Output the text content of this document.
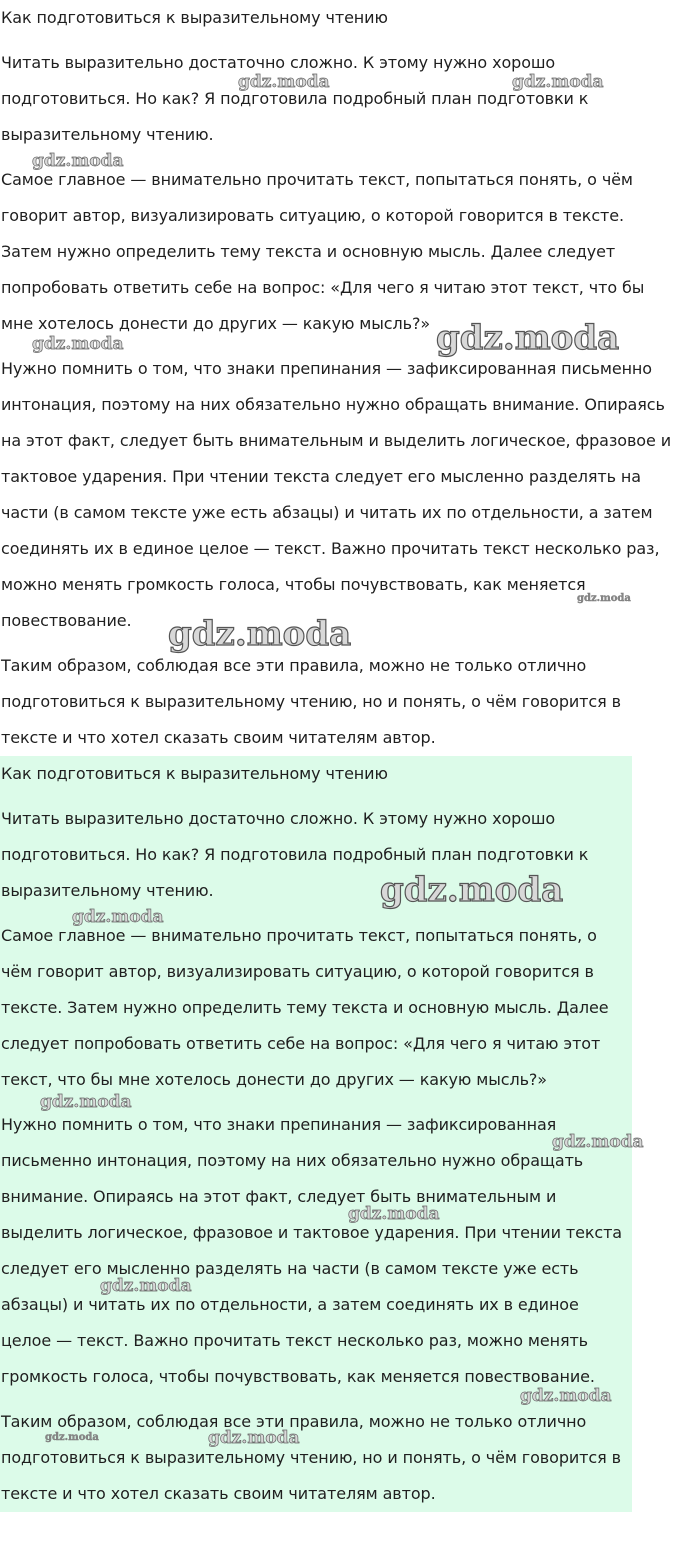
Как подготовиться к выразительному чтению

Читать выразительно достаточно сложно. К этому нужно хорошо

подготовиться. Но как? Я подготовила подробный план подготовки к

выразительному чтению.

Самое главное — внимательно прочитать текст, попытаться понять, о чём

говорит автор, визуализировать ситуацию, о которой говорится в тексте.

Затем нужно определить тему текста и основную мысль. Далее следует

попробовать ответить себе на вопрос: «Для чего я читаю этот текст, что бы

мне хотелось донести до других — какую мысль?»

Нужно помнить о том, что знаки препинания — зафиксированная письменно

интонация, поэтому на них обязательно нужно обращать внимание. Опираясь

на этот факт, следует быть внимательным и выделить логическое, фразовое и

тактовое ударения. При чтении текста следует его мысленно разделять на

части (в самом тексте уже есть абзацы) и читать их по отдельности, а затем

соединять их в единое целое — текст. Важно прочитать текст несколько раз,

можно менять громкость голоса, чтобы почувствовать, как меняется

повествование.

Таким образом, соблюдая все эти правила, можно не только отлично

подготовиться к выразительному чтению, но и понять, о чём говорится в

тексте и что хотел сказать своим читателям автор.

gdz.moda	gdz.moda
gdz.moda
gdz.moda	gdz.moda
gdz.moda
gdz.moda

Как подготовиться к выразительному чтению

Читать выразительно достаточно сложно. К этому нужно хорошо

подготовиться. Но как? Я подготовила подробный план подготовки к

выразительному чтению.

Самое главное — внимательно прочитать текст, попытаться понять, о

чём говорит автор, визуализировать ситуацию, о которой говорится в

тексте. Затем нужно определить тему текста и основную мысль. Далее

следует попробовать ответить себе на вопрос: «Для чего я читаю этот

текст, что бы мне хотелось донести до других — какую мысль?»

Нужно помнить о том, что знаки препинания — зафиксированная

письменно интонация, поэтому на них обязательно нужно обращать

внимание. Опираясь на этот факт, следует быть внимательным и

выделить логическое, фразовое и тактовое ударения. При чтении текста

следует его мысленно разделять на части (в самом тексте уже есть

абзацы) и читать их по отдельности, а затем соединять их в единое

целое — текст. Важно прочитать текст несколько раз, можно менять

громкость голоса, чтобы почувствовать, как меняется повествование.

Таким образом, соблюдая все эти правила, можно не только отлично

подготовиться к выразительному чтению, но и понять, о чём говорится в

тексте и что хотел сказать своим читателям автор.

gdz.moda
gdz.moda
gdz.moda
gdz.moda
gdz.moda
gdz.moda
gdz.moda
gdz.moda	gdz.moda
